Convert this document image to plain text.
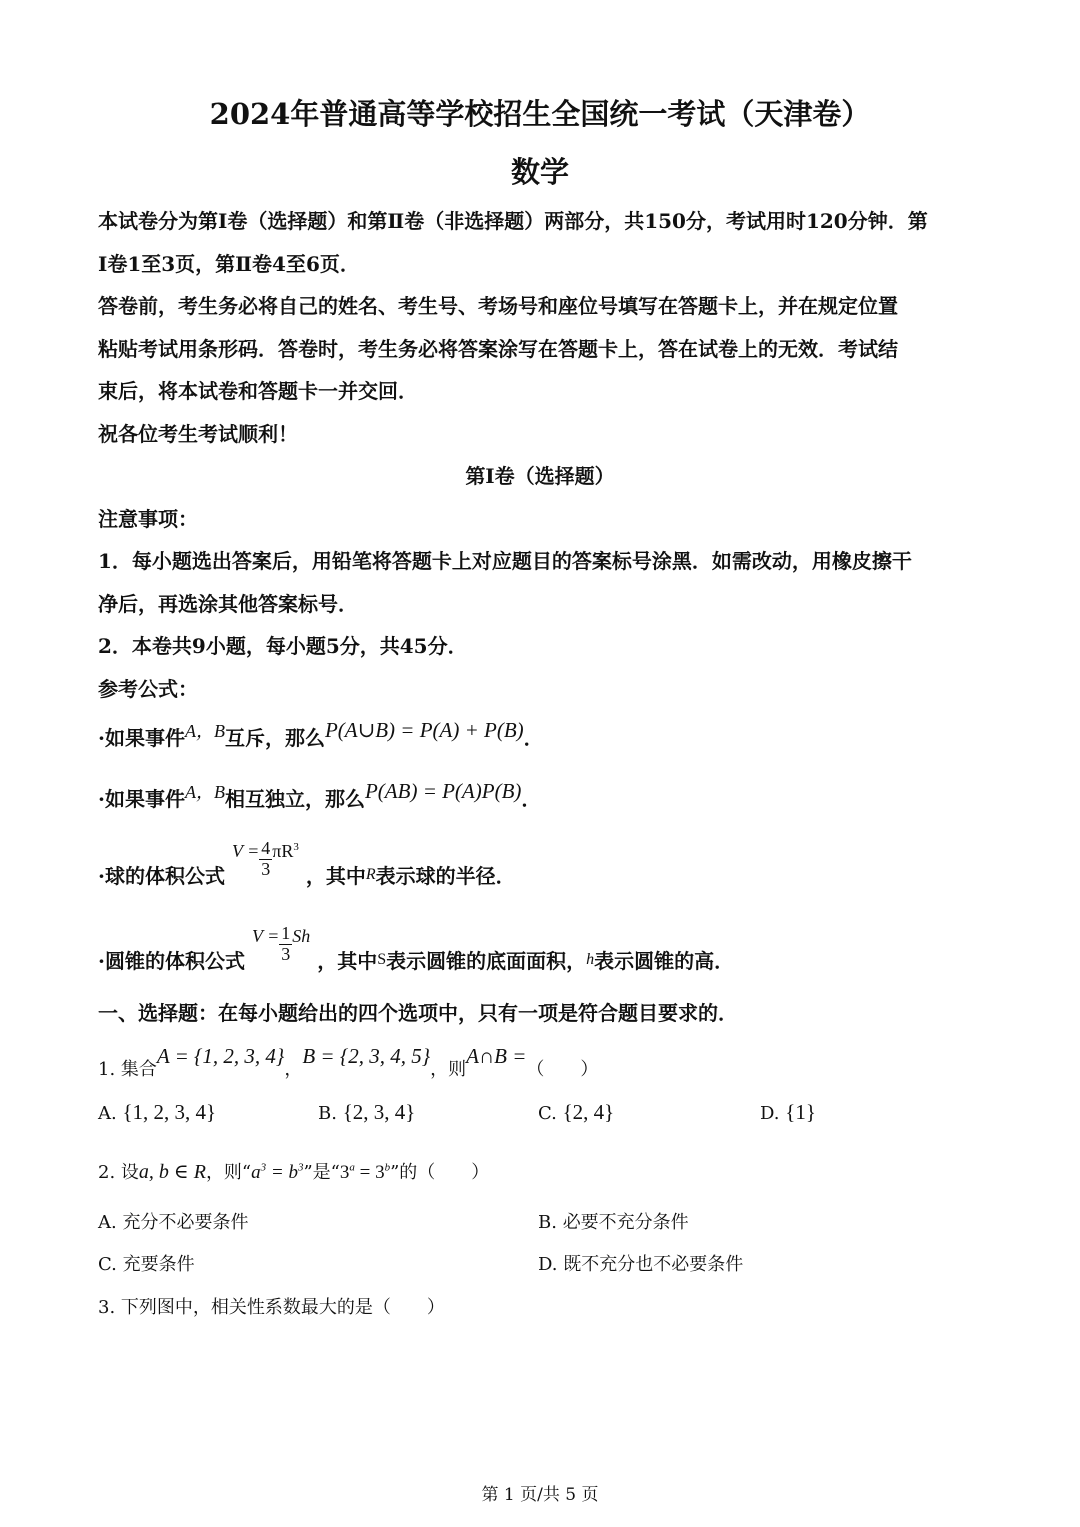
2024年普通高等学校招生全国统一考试（天津卷）
数学
本试卷分为第Ⅰ卷（选择题）和第Ⅱ卷（非选择题）两部分，共150分，考试用时120分钟．第
Ⅰ卷1至3页，第Ⅱ卷4至6页．
答卷前，考生务必将自己的姓名、考生号、考场号和座位号填写在答题卡上，并在规定位置
粘贴考试用条形码．答卷时，考生务必将答案涂写在答题卡上，答在试卷上的无效．考试结
束后，将本试卷和答题卡一并交回．
祝各位考生考试顺利！
第Ⅰ卷（选择题）
注意事项：
1．每小题选出答案后，用铅笔将答题卡上对应题目的答案标号涂黑．如需改动，用橡皮擦干
净后，再选涂其他答案标号．
2．本卷共9小题，每小题5分，共45分．
参考公式：
·如果事件A，B互斥，那么P(A∪B) = P(A) + P(B)．
·如果事件A，B相互独立，那么P(AB) = P(A)P(B)．
·球的体积公式 $V = \frac{4}{3} \pi R^3$ ，其中$_R$表示球的半径．
·圆锥的体积公式 $V = \frac{1}{3}$ Sh ，其中$_S$表示圆锥的底面面积，$_h$表示圆锥的高．
一、选择题：在每小题给出的四个选项中，只有一项是符合题目要求的．
1. 集合A = {1, 2, 3, 4}，B = {2, 3, 4, 5}，则A∩B =（　　）
A. {1, 2, 3, 4}	B. {2, 3, 4}	C. {2, 4}	D. {1}
2. 设a, b ∈ R，则“$a^3 = b^3$”是“$3^a = 3^b$”的（　　）
A. 充分不必要条件	B. 必要不充分条件
C. 充要条件	D. 既不充分也不必要条件
3. 下列图中，相关性系数最大的是（　　）
第 1 页/共 5 页
